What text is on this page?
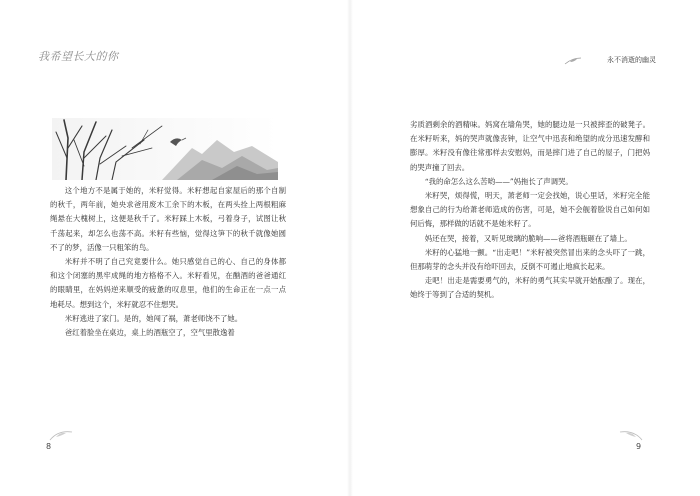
我希望长大的你

这个地方不是属于她的，米籽觉得。米籽想起自家屋后的那个自制的秋千，两年前，她央求爸用废木工余下的木板，在两头拴上两根粗麻绳悬在大槐树上，这便是秋千了。米籽踩上木板，弓着身子，试图让秋千荡起来，却怎么也荡不高。米籽有些恼，觉得这笋下的秋千就像她圆不了的梦，活像一只粗笨的鸟。

米籽并不明了自己究竟要什么。她只感觉自己的心、自己的身体都和这个闭塞的黑牢成绳的地方格格不入。米籽看见，在酗酒的爸爸通红的眼睛里，在妈妈逆来顺受的疲惫的叹息里，他们的生命正在一点一点地耗尽。想到这个，米籽就忍不住想哭。

米籽逃进了家门。是的，她闯了祸，萧老师饶不了她。

爸红着脸坐在桌边，桌上的酒瓶空了，空气里散逸着

8
永不消逝的幽灵

劣质酒剩余的酒精味。妈窝在墙角哭，她的腿边是一只被摔歪的破凳子。在米籽听来，妈的哭声就像丧钟，让空气中迅丧和绝望的成分迅速发酵和膨厚。米籽没有像往常那样去安慰妈，而是摔门进了自己的屋子，门把妈的哭声撞了回去。

“我的命怎么这么苦哟——”妈拖长了声调哭。

米籽哭，烦得慌，明天，萧老师一定会找她，说心里话，米籽完全能想象自己的行为给萧老师造成的伤害，可是，她不会舰着脸说自己如何如何后悔，那样做的话就不是她米籽了。

妈还在哭，接着，又听见玻璃的脆响——爸将酒瓶砸在了墙上。

米籽的心猛地一颤。“出走吧！”米籽被突然冒出来的念头吓了一跳，但那萌芽的念头并没有给吓回去，反倒不可遏止地疯长起来。

走吧！出走是需要勇气的，米籽的勇气其实早就开始酝酿了。现在，她终于等到了合适的契机。

9
